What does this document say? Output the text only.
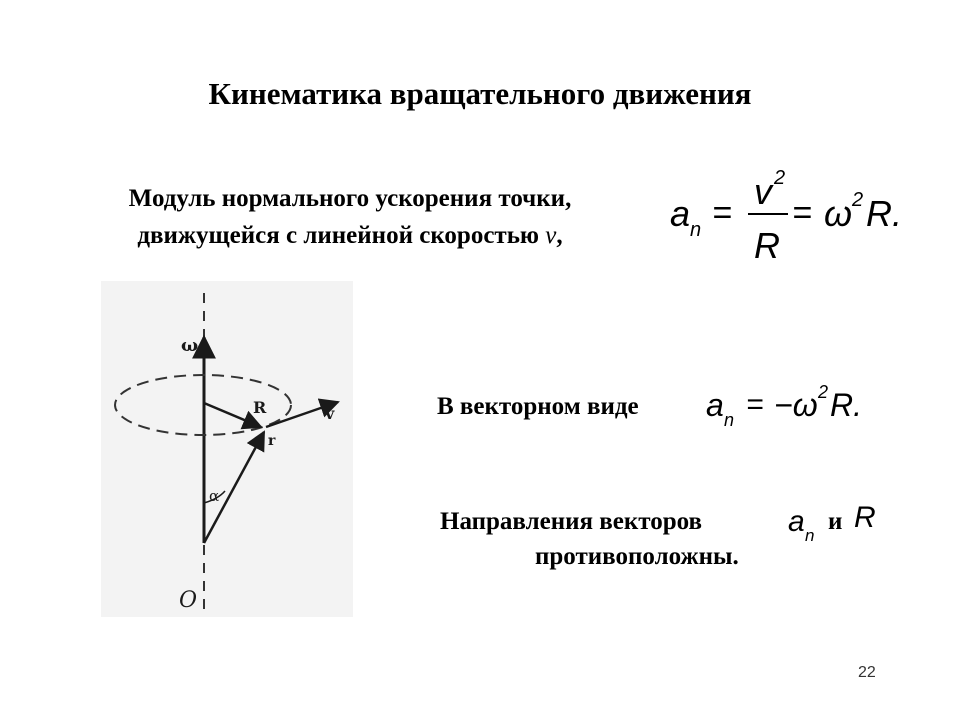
Кинематика вращательного движения
Модуль нормального ускорения точки,
движущейся с линейной скоростью v,
a n =
v 2
R
= ω 2 R.
ω
R	v
r
α
O
В векторном виде a n = −ω 2 R.
Направления векторов	a n
и R
противоположны.
22
